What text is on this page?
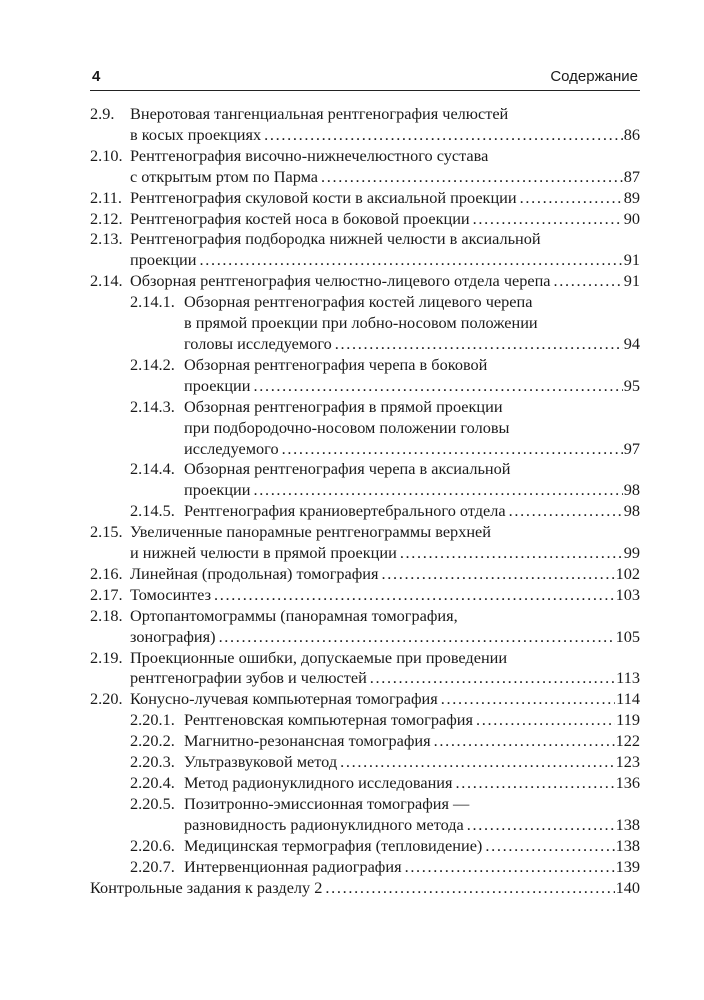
4	Содержание
2.9. Внеротовая тангенциальная рентгенография челюстей
в косых проекциях . . .	86
2.10. Рентгенография височно-нижнечелюстного сустава
с открытым ртом по Парма . . .	87
2.11. Рентгенография скуловой кости в аксиальной проекции . . .	89
2.12. Рентгенография костей носа в боковой проекции . . .	90
2.13. Рентгенография подбородка нижней челюсти в аксиальной
проекции . . .	91
2.14. Обзорная рентгенография челюстно-лицевого отдела черепа . . .	91
2.14.1. Обзорная рентгенография костей лицевого черепа
в прямой проекции при лобно-носовом положении
головы исследуемого . . .	94
2.14.2. Обзорная рентгенография черепа в боковой
проекции . . .	95
2.14.3. Обзорная рентгенография в прямой проекции
при подбородочно-носовом положении головы
исследуемого . . .	97
2.14.4. Обзорная рентгенография черепа в аксиальной
проекции . . .	98
2.14.5. Рентгенография краниовертебрального отдела . . .	98
2.15. Увеличенные панорамные рентгенограммы верхней
и нижней челюсти в прямой проекции . . .	99
2.16. Линейная (продольная) томография . . .	102
2.17. Томосинтез . . .	103
2.18. Ортопантомограммы (панорамная томография,
зонография) . . .	105
2.19. Проекционные ошибки, допускаемые при проведении
рентгенографии зубов и челюстей . . .	113
2.20. Конусно-лучевая компьютерная томография . . .	114
2.20.1. Рентгеновская компьютерная томография . . .	119
2.20.2. Магнитно-резонансная томография . . .	122
2.20.3. Ультразвуковой метод . . .	123
2.20.4. Метод радионуклидного исследования . . .	136
2.20.5. Позитронно-эмиссионная томография —
разновидность радионуклидного метода . . .	138
2.20.6. Медицинская термография (тепловидение) . . .	138
2.20.7. Интервенционная радиография . . .	139
Контрольные задания к разделу 2 . . .	140
